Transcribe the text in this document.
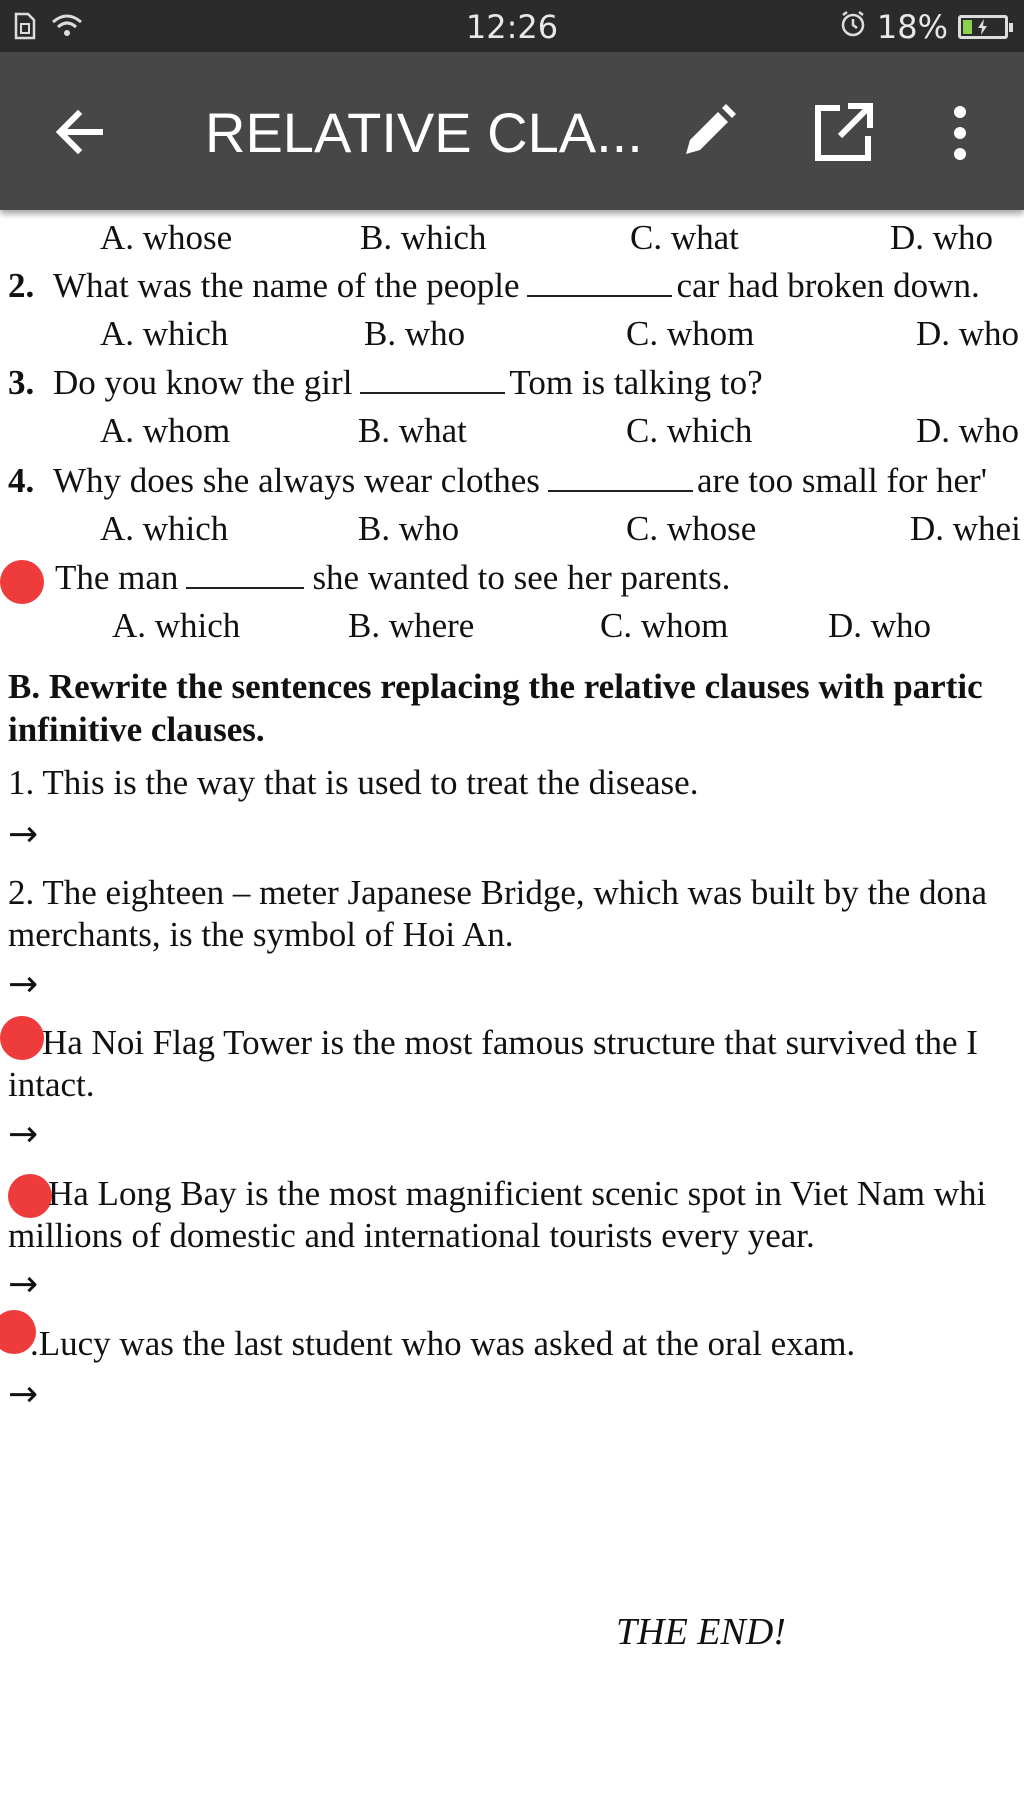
12:26	18%
RELATIVE CLA...
A. whose	B. which	C. what	D. who
2. What was the name of the people	car had broken down.
A. which	B. who	C. whom	D. who
3. Do you know the girl	Tom is talking to?
A. whom	B. what	C. which	D. who
4. Why does she always wear clothes	are too small for her'
A. which	B. who	C. whose	D. whei
The man	she wanted to see her parents.
A. which	B. where	C. whom	D. who
B. Rewrite the sentences replacing the relative clauses with partic
infinitive clauses.
1. This is the way that is used to treat the disease.
→
2. The eighteen – meter Japanese Bridge, which was built by the dona
merchants, is the symbol of Hoi An.
→
Ha Noi Flag Tower is the most famous structure that survived the I
intact.
→
Ha Long Bay is the most magnificient scenic spot in Viet Nam whi
millions of domestic and international tourists every year.
→
.Lucy was the last student who was asked at the oral exam.
→
THE END!
